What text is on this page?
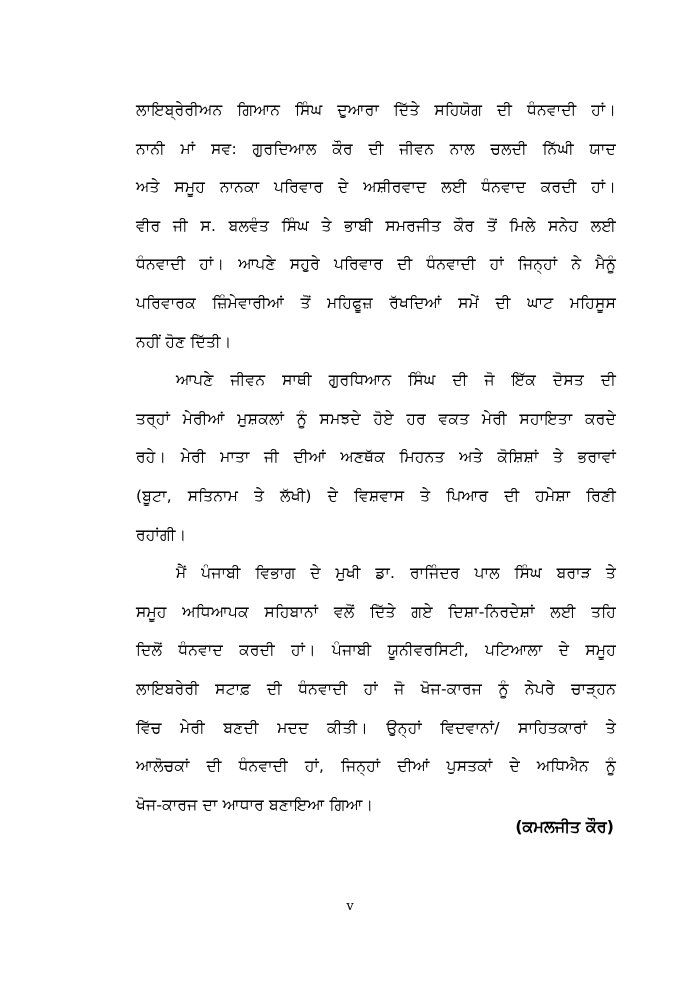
ਲਾਇਬ੍ਰੇਰੀਅਨ ਗਿਆਨ ਸਿੰਘ ਦੁਆਰਾ ਦਿੱਤੇ ਸਹਿਯੋਗ ਦੀ ਧੰਨਵਾਦੀ ਹਾਂ।
ਨਾਨੀ ਮਾਂ ਸਵ: ਗੁਰਦਿਆਲ ਕੌਰ ਦੀ ਜੀਵਨ ਨਾਲ ਚਲਦੀ ਨਿੱਘੀ ਯਾਦ
ਅਤੇ ਸਮੂਹ ਨਾਨਕਾ ਪਰਿਵਾਰ ਦੇ ਅਸ਼ੀਰਵਾਦ ਲਈ ਧੰਨਵਾਦ ਕਰਦੀ ਹਾਂ।
ਵੀਰ ਜੀ ਸ. ਬਲਵੰਤ ਸਿੰਘ ਤੇ ਭਾਬੀ ਸਮਰਜੀਤ ਕੌਰ ਤੋਂ ਮਿਲੇ ਸਨੇਹ ਲਈ
ਧੰਨਵਾਦੀ ਹਾਂ। ਆਪਣੇ ਸਹੁਰੇ ਪਰਿਵਾਰ ਦੀ ਧੰਨਵਾਦੀ ਹਾਂ ਜਿਨ੍ਹਾਂ ਨੇ ਮੈਨੂੰ
ਪਰਿਵਾਰਕ ਜ਼ਿੰਮੇਵਾਰੀਆਂ ਤੋਂ ਮਹਿਫੂਜ਼ ਰੱਖਦਿਆਂ ਸਮੇਂ ਦੀ ਘਾਟ ਮਹਿਸੂਸ
ਨਹੀਂ ਹੋਣ ਦਿੱਤੀ।
ਆਪਣੇ ਜੀਵਨ ਸਾਥੀ ਗੁਰਧਿਆਨ ਸਿੰਘ ਦੀ ਜੋ ਇੱਕ ਦੋਸਤ ਦੀ
ਤਰ੍ਹਾਂ ਮੇਰੀਆਂ ਮੁਸ਼ਕਲਾਂ ਨੂੰ ਸਮਝਦੇ ਹੋਏ ਹਰ ਵਕਤ ਮੇਰੀ ਸਹਾਇਤਾ ਕਰਦੇ
ਰਹੇ। ਮੇਰੀ ਮਾਤਾ ਜੀ ਦੀਆਂ ਅਣਥੱਕ ਮਿਹਨਤ ਅਤੇ ਕੋਸ਼ਿਸ਼ਾਂ ਤੇ ਭਰਾਵਾਂ
(ਬੂਟਾ, ਸਤਿਨਾਮ ਤੇ ਲੱਖੀ) ਦੇ ਵਿਸ਼ਵਾਸ ਤੇ ਪਿਆਰ ਦੀ ਹਮੇਸ਼ਾ ਰਿਣੀ
ਰਹਾਂਗੀ।
ਮੈਂ ਪੰਜਾਬੀ ਵਿਭਾਗ ਦੇ ਮੁਖੀ ਡਾ. ਰਾਜਿੰਦਰ ਪਾਲ ਸਿੰਘ ਬਰਾੜ ਤੇ
ਸਮੂਹ ਅਧਿਆਪਕ ਸਹਿਬਾਨਾਂ ਵਲੋਂ ਦਿੱਤੇ ਗਏ ਦਿਸ਼ਾ-ਨਿਰਦੇਸ਼ਾਂ ਲਈ ਤਹਿ
ਦਿਲੋਂ ਧੰਨਵਾਦ ਕਰਦੀ ਹਾਂ। ਪੰਜਾਬੀ ਯੂਨੀਵਰਸਿਟੀ, ਪਟਿਆਲਾ ਦੇ ਸਮੂਹ
ਲਾਇਬਰੇਰੀ ਸਟਾਫ਼ ਦੀ ਧੰਨਵਾਦੀ ਹਾਂ ਜੋ ਖੋਜ-ਕਾਰਜ ਨੂੰ ਨੇਪਰੇ ਚਾੜ੍ਹਨ
ਵਿੱਚ ਮੇਰੀ ਬਣਦੀ ਮਦਦ ਕੀਤੀ। ਉਨ੍ਹਾਂ ਵਿਦਵਾਨਾਂ/ ਸਾਹਿਤਕਾਰਾਂ ਤੇ
ਆਲੋਚਕਾਂ ਦੀ ਧੰਨਵਾਦੀ ਹਾਂ, ਜਿਨ੍ਹਾਂ ਦੀਆਂ ਪੁਸਤਕਾਂ ਦੇ ਅਧਿਐਨ ਨੂੰ
ਖੋਜ-ਕਾਰਜ ਦਾ ਆਧਾਰ ਬਣਾਇਆ ਗਿਆ।
(ਕਮਲਜੀਤ ਕੌਰ)
v
